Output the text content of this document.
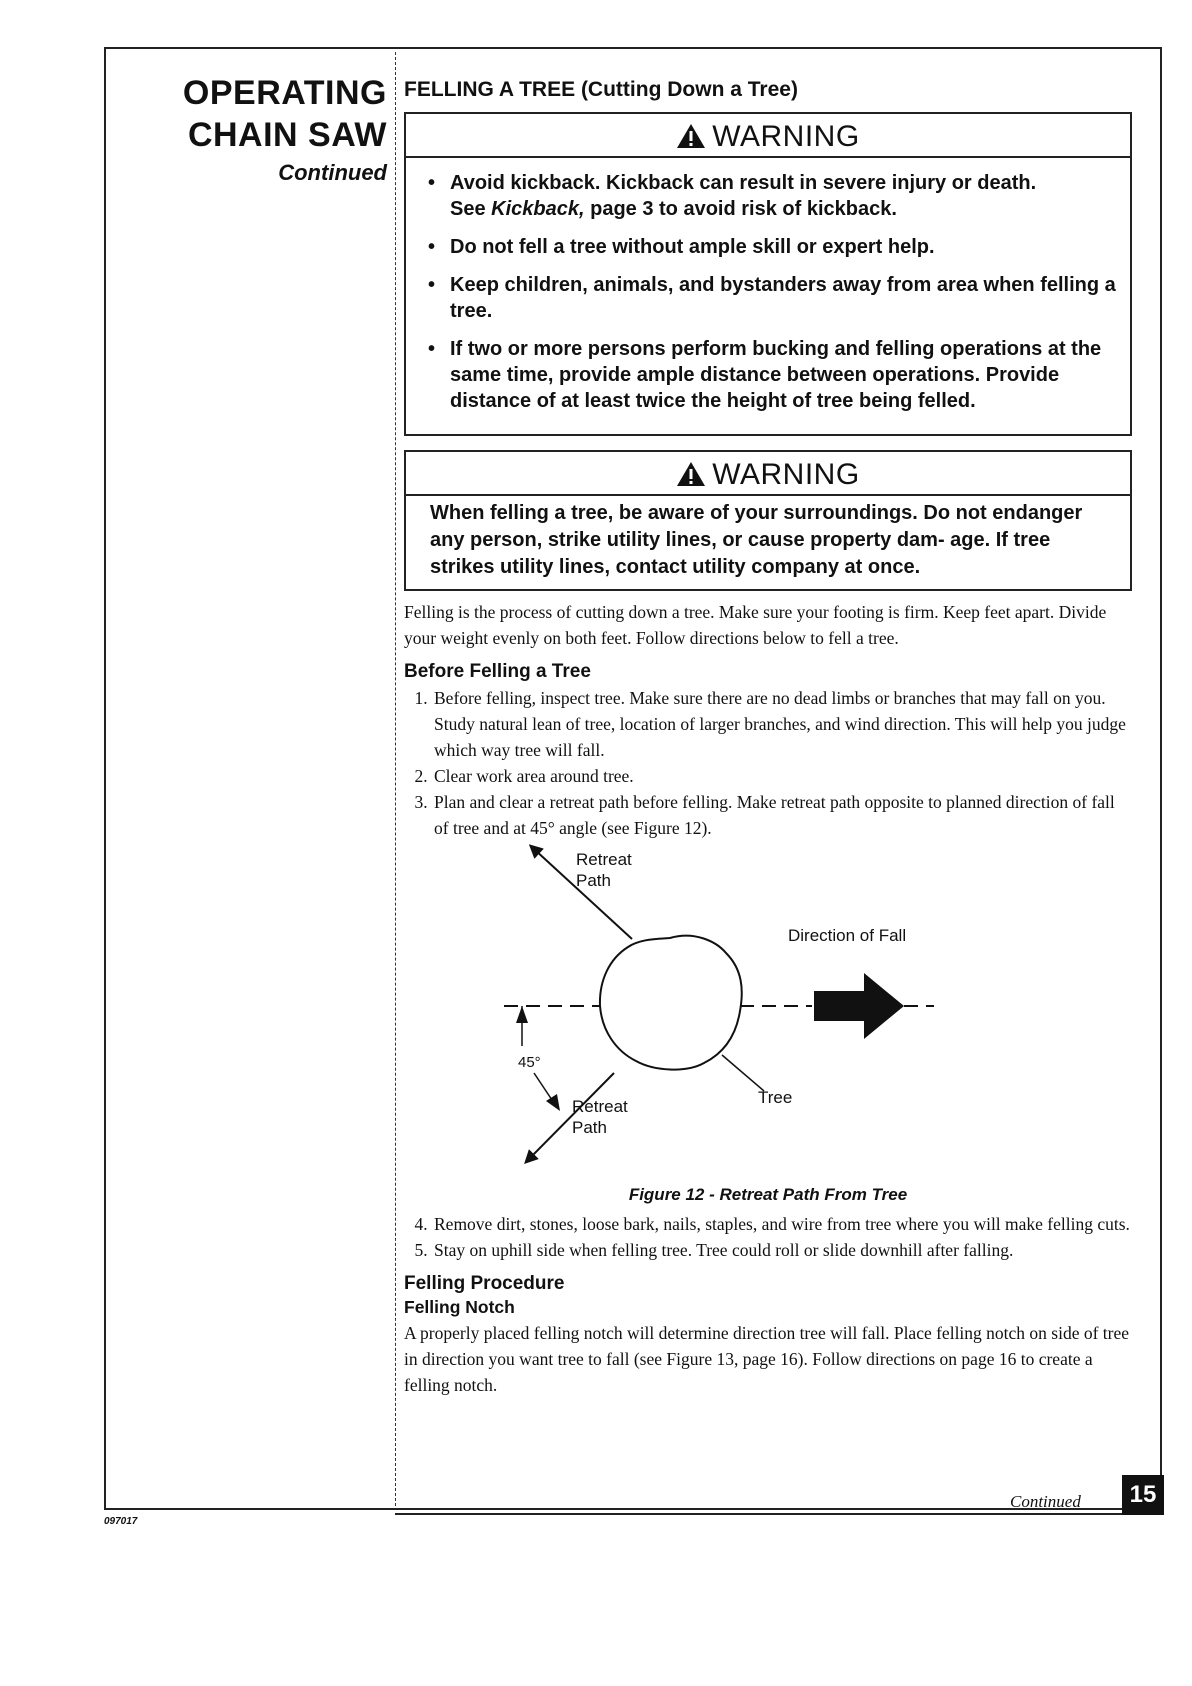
OPERATING
CHAIN SAW
Continued
FELLING A TREE (Cutting Down a Tree)
WARNING
• Avoid kickback. Kickback can result in severe injury or death.
See Kickback, page 3 to avoid risk of kickback.
• Do not fell a tree without ample skill or expert help.
• Keep children, animals, and bystanders away from area when felling a tree.
• If two or more persons perform bucking and felling operations at the same time, provide ample distance between operations. Provide distance of at least twice the height of tree being felled.
WARNING

When felling a tree, be aware of your surroundings. Do not endanger any person, strike utility lines, or cause property dam- age. If tree strikes utility lines, contact utility company at once.

Felling is the process of cutting down a tree. Make sure your footing is firm. Keep feet apart. Divide your weight evenly on both feet. Follow directions below to fell a tree.

Before Felling a Tree
1. Before felling, inspect tree. Make sure there are no dead limbs or branches that may fall on you. Study natural lean of tree, location of larger branches, and wind direction. This will help you judge which way tree will fall.
2. Clear work area around tree.
3. Plan and clear a retreat path before felling. Make retreat path opposite to planned direction of fall of tree and at 45° angle (see Figure 12).
Retreat
Path
Direction of Fall
45°
Retreat
Path
Tree
Figure 12 - Retreat Path From Tree
4. Remove dirt, stones, loose bark, nails, staples, and wire from tree where you will make felling cuts.
5. Stay on uphill side when felling tree. Tree could roll or slide downhill after falling.
Felling Procedure
Felling Notch

A properly placed felling notch will determine direction tree will fall. Place felling notch on side of tree in direction you want tree to fall (see Figure 13, page 16). Follow directions on page 16 to create a felling notch.

Continued	15
097017
